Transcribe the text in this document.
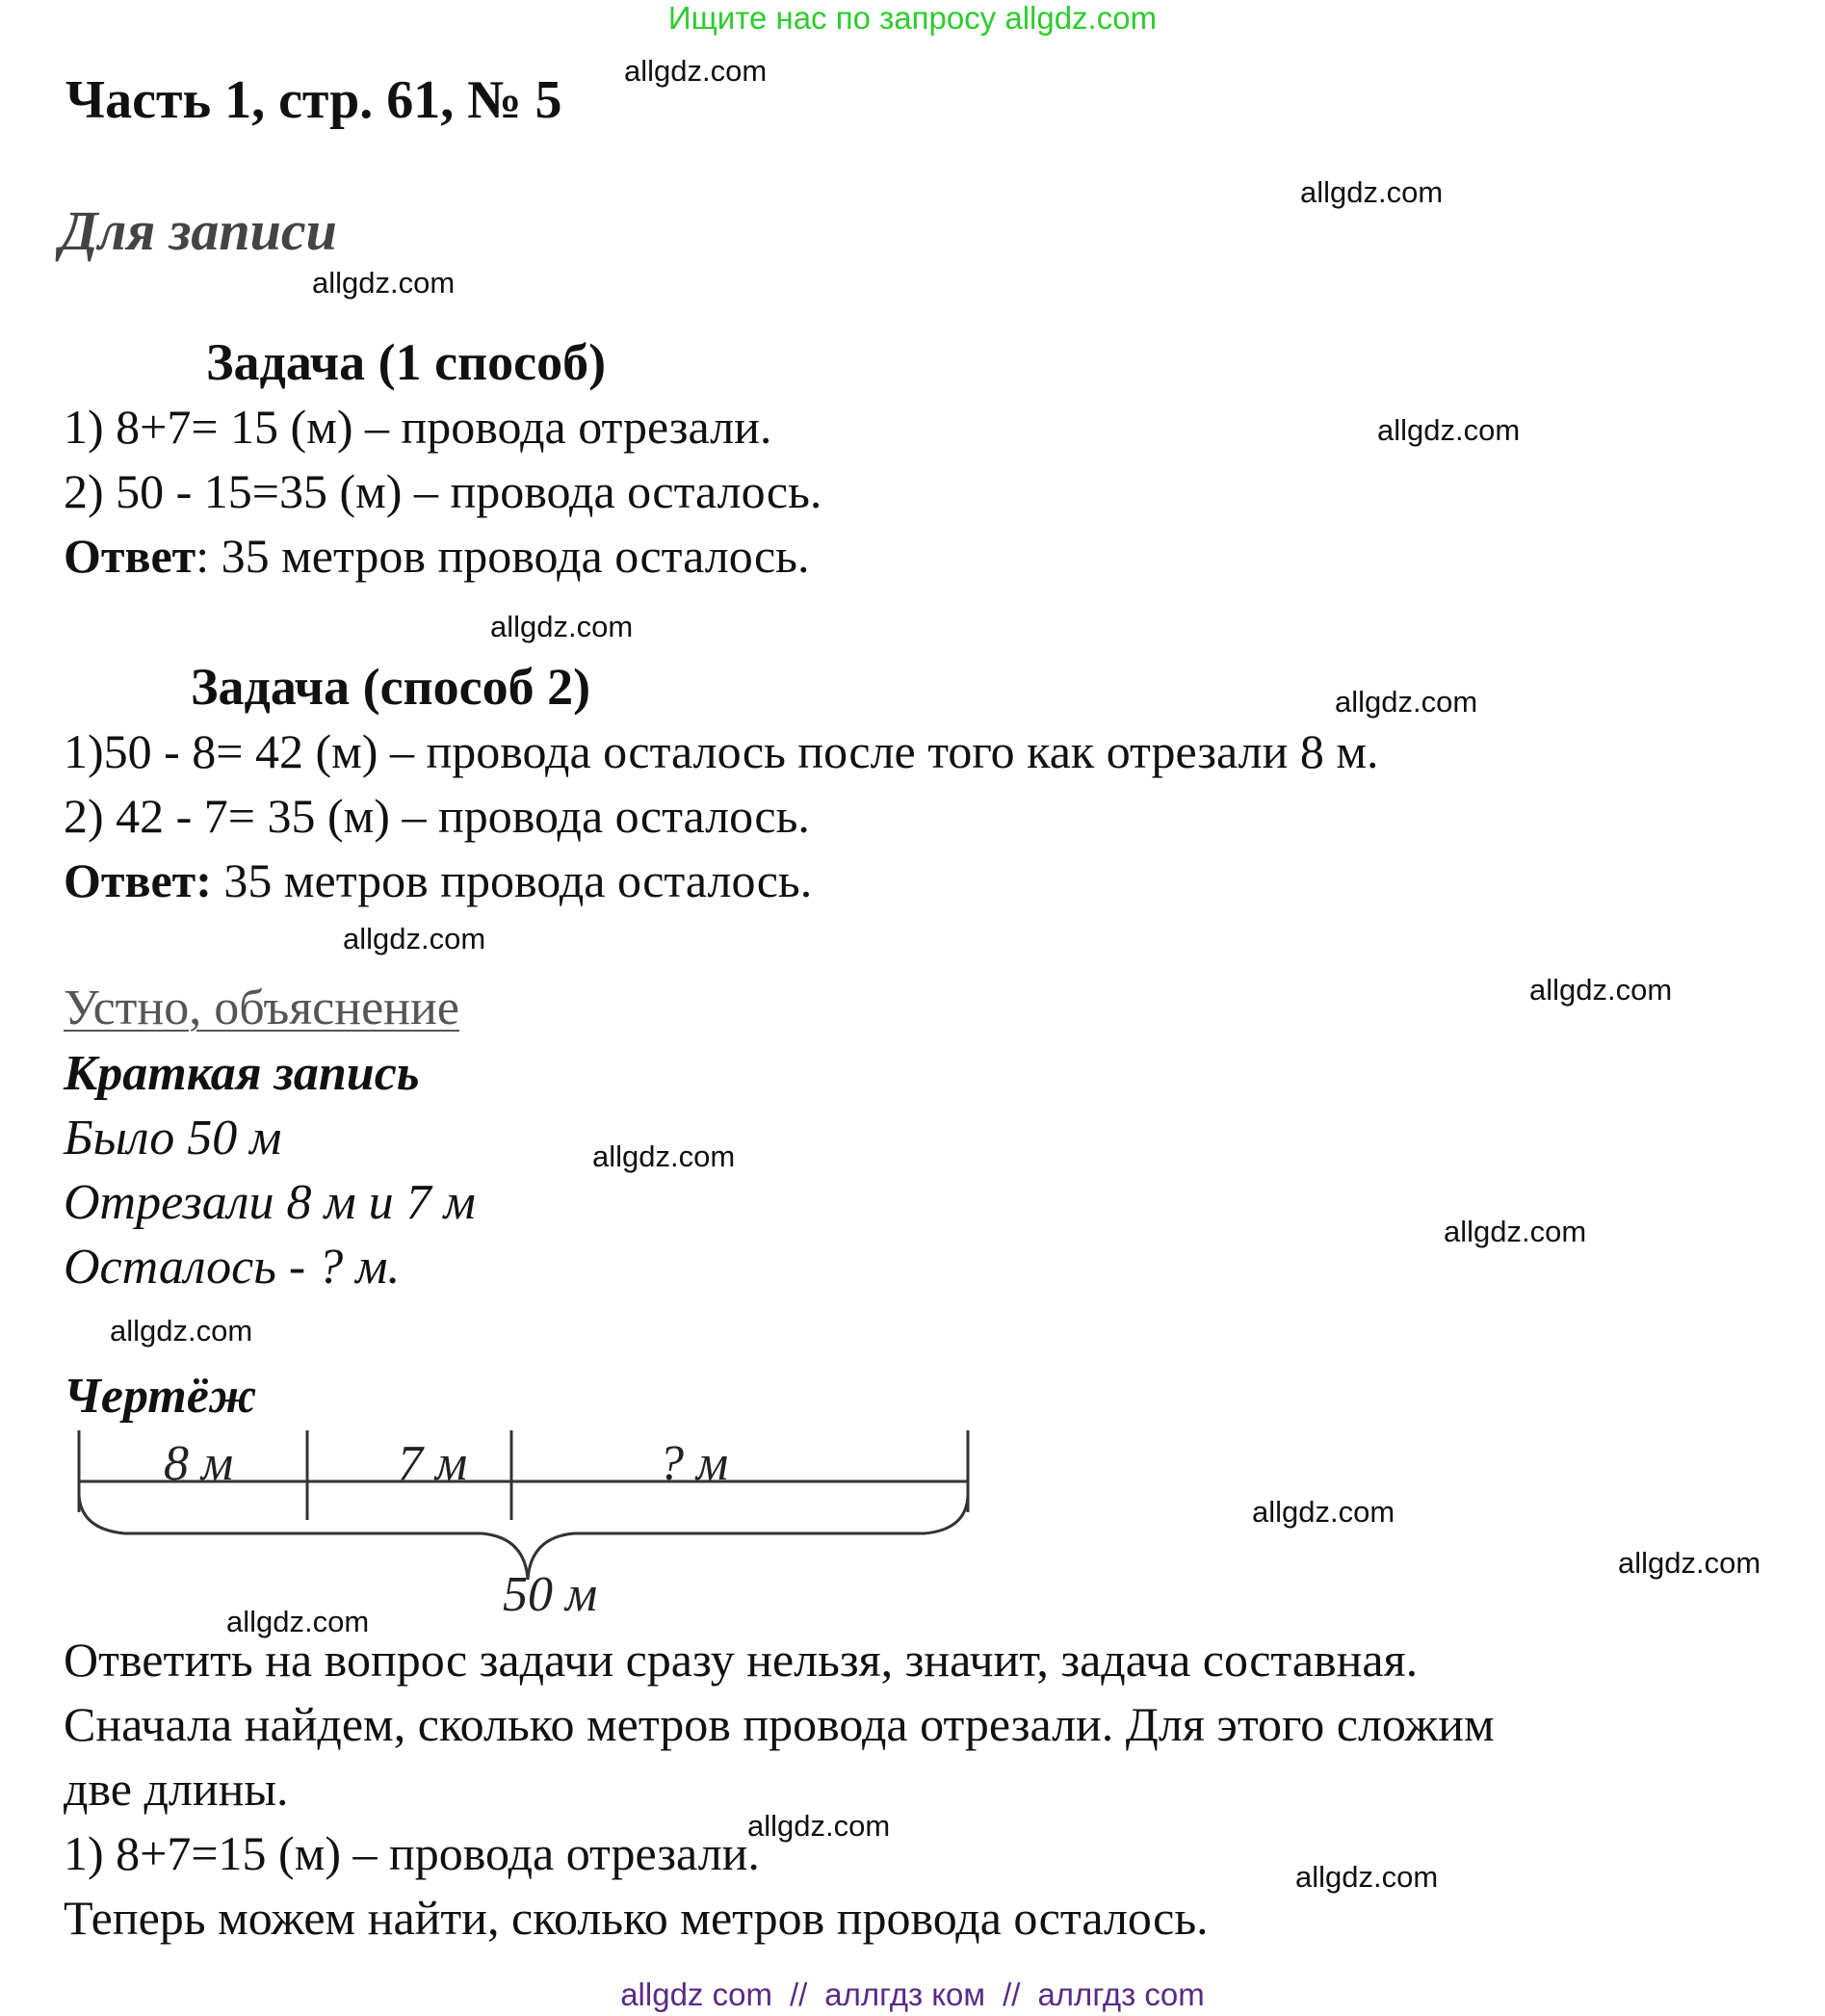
Ищите нас по запросу allgdz.com
Часть 1, стр. 61, № 5 allgdz.com
allgdz.com
allgdz.com
allgdz.com
allgdz.com
allgdz.com
allgdz.com
allgdz.com
allgdz.com
allgdz.com
allgdz.com
allgdz.com
allgdz.com
allgdz.com
allgdz.com
allgdz.com
Для записи
Задача (1 способ)
1) 8+7= 15 (м) – провода отрезали.
2) 50 - 15=35 (м) – провода осталось.
Ответ: 35 метров провода осталось.
Задача (способ 2)
1)50 - 8= 42 (м) – провода осталось после того как отрезали 8 м.
2) 42 - 7= 35 (м) – провода осталось.
Ответ: 35 метров провода осталось.
Устно, объяснение
Краткая запись
Было 50 м
Отрезали 8 м и 7 м
Осталось - ? м.
Чертёж
8 м	7 м	? м
50 м
Ответить на вопрос задачи сразу нельзя, значит, задача составная.
Сначала найдем, сколько метров провода отрезали. Для этого сложим
две длины.
1) 8+7=15 (м) – провода отрезали.
Теперь можем найти, сколько метров провода осталось.
allgdz com // аллгдз ком // аллгдз com
